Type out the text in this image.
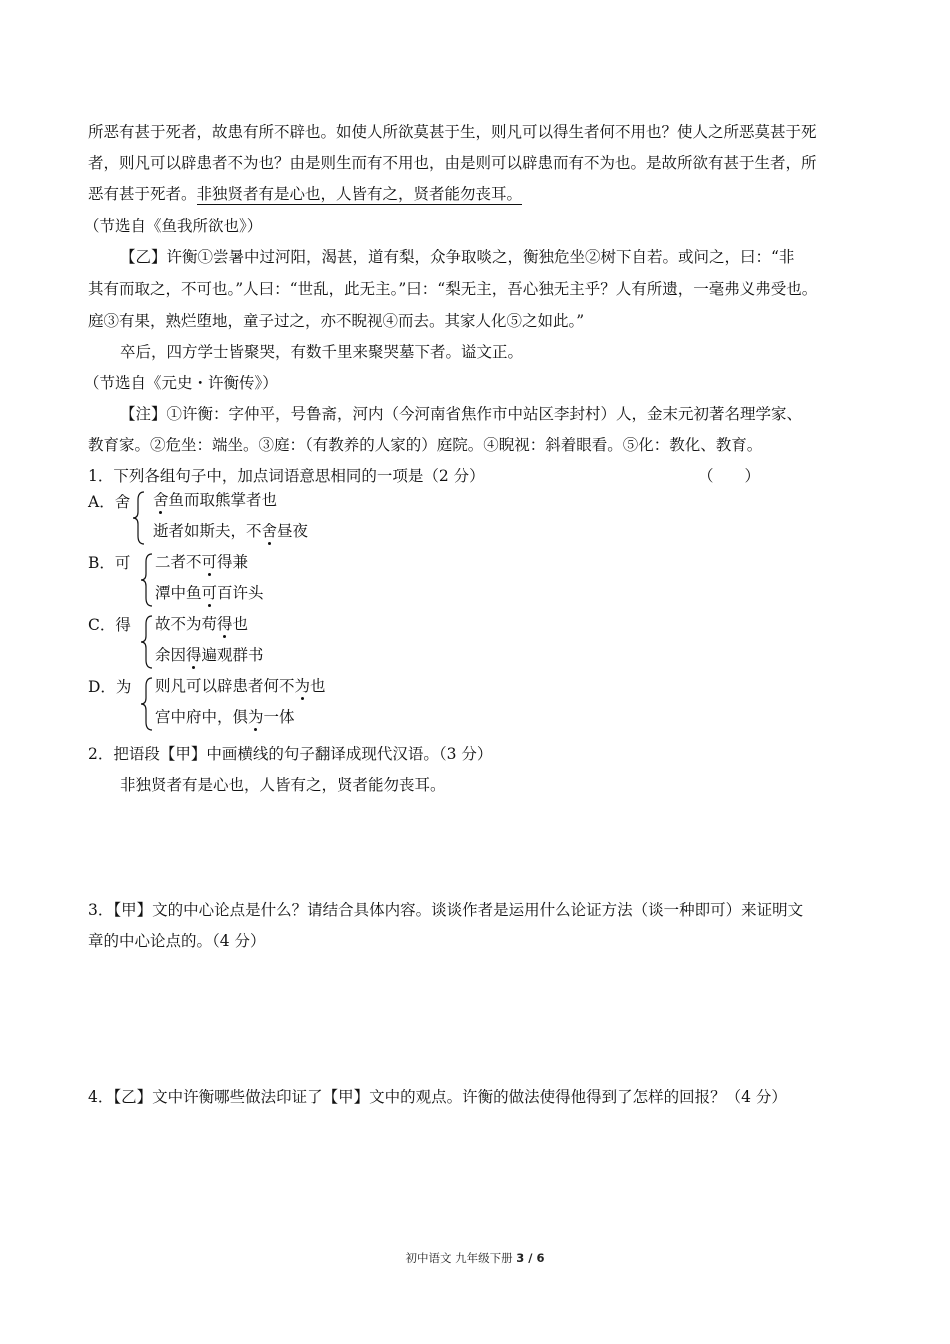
所恶有甚于死者，故患有所不辟也。如使人所欲莫甚于生，则凡可以得生者何不用也？使人之所恶莫甚于死
者，则凡可以辟患者不为也？由是则生而有不用也，由是则可以辟患而有不为也。是故所欲有甚于生者，所
恶有甚于死者。非独贤者有是心也，人皆有之，贤者能勿丧耳。
（节选自《鱼我所欲也》）
【乙】许衡①尝暑中过河阳，渴甚，道有梨，众争取啖之，衡独危坐②树下自若。或问之，曰：“非
其有而取之，不可也。”人曰：“世乱，此无主。”曰：“梨无主，吾心独无主乎？人有所遗，一毫弗义弗受也。
庭③有果，熟烂堕地，童子过之，亦不睨视④而去。其家人化⑤之如此。”
卒后，四方学士皆聚哭，有数千里来聚哭墓下者。谥文正。
（节选自《元史・许衡传》）
【注】①许衡：字仲平，号鲁斋，河内（今河南省焦作市中站区李封村）人，金末元初著名理学家、
教育家。②危坐：端坐。③庭：（有教养的人家的）庭院。④睨视：斜着眼看。⑤化：教化、教育。
1．下列各组句子中，加点词语意思相同的一项是（2 分）	（　　）
A．舍 舍鱼而取熊掌者也
逝者如斯夫，不舍昼夜
B．可 二者不可得兼
潭中鱼可百许头
C．得 故不为苟得也
余因得遍观群书
D．为 则凡可以辟患者何不为也
宫中府中，俱为一体
2．把语段【甲】中画横线的句子翻译成现代汉语。（3 分）
非独贤者有是心也，人皆有之，贤者能勿丧耳。
3．【甲】文的中心论点是什么？请结合具体内容。谈谈作者是运用什么论证方法（谈一种即可）来证明文
章的中心论点的。（4 分）
4．【乙】文中许衡哪些做法印证了【甲】文中的观点。许衡的做法使得他得到了怎样的回报？（4 分）
初中语文 九年级下册 3 / 6
